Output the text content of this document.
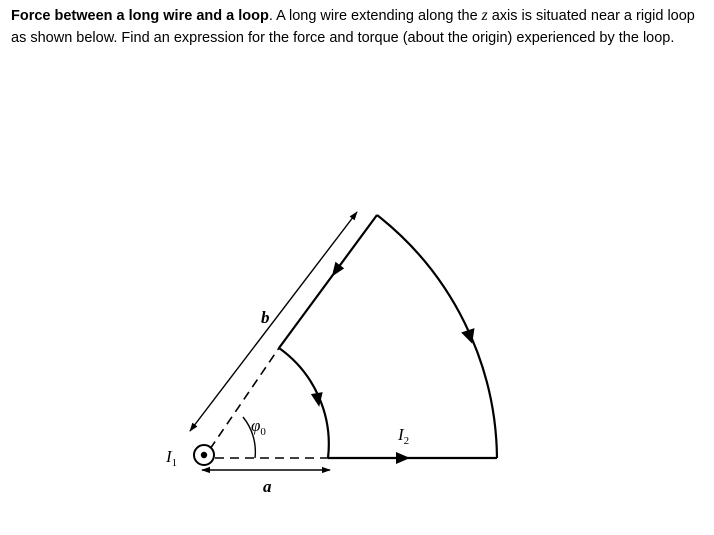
Force between a long wire and a loop. A long wire extending along the z axis is situated near a rigid loop as shown below. Find an expression for the force and torque (about the origin) experienced by the loop.

$I_1$
$I_2$
b
$\varphi_0$
a
